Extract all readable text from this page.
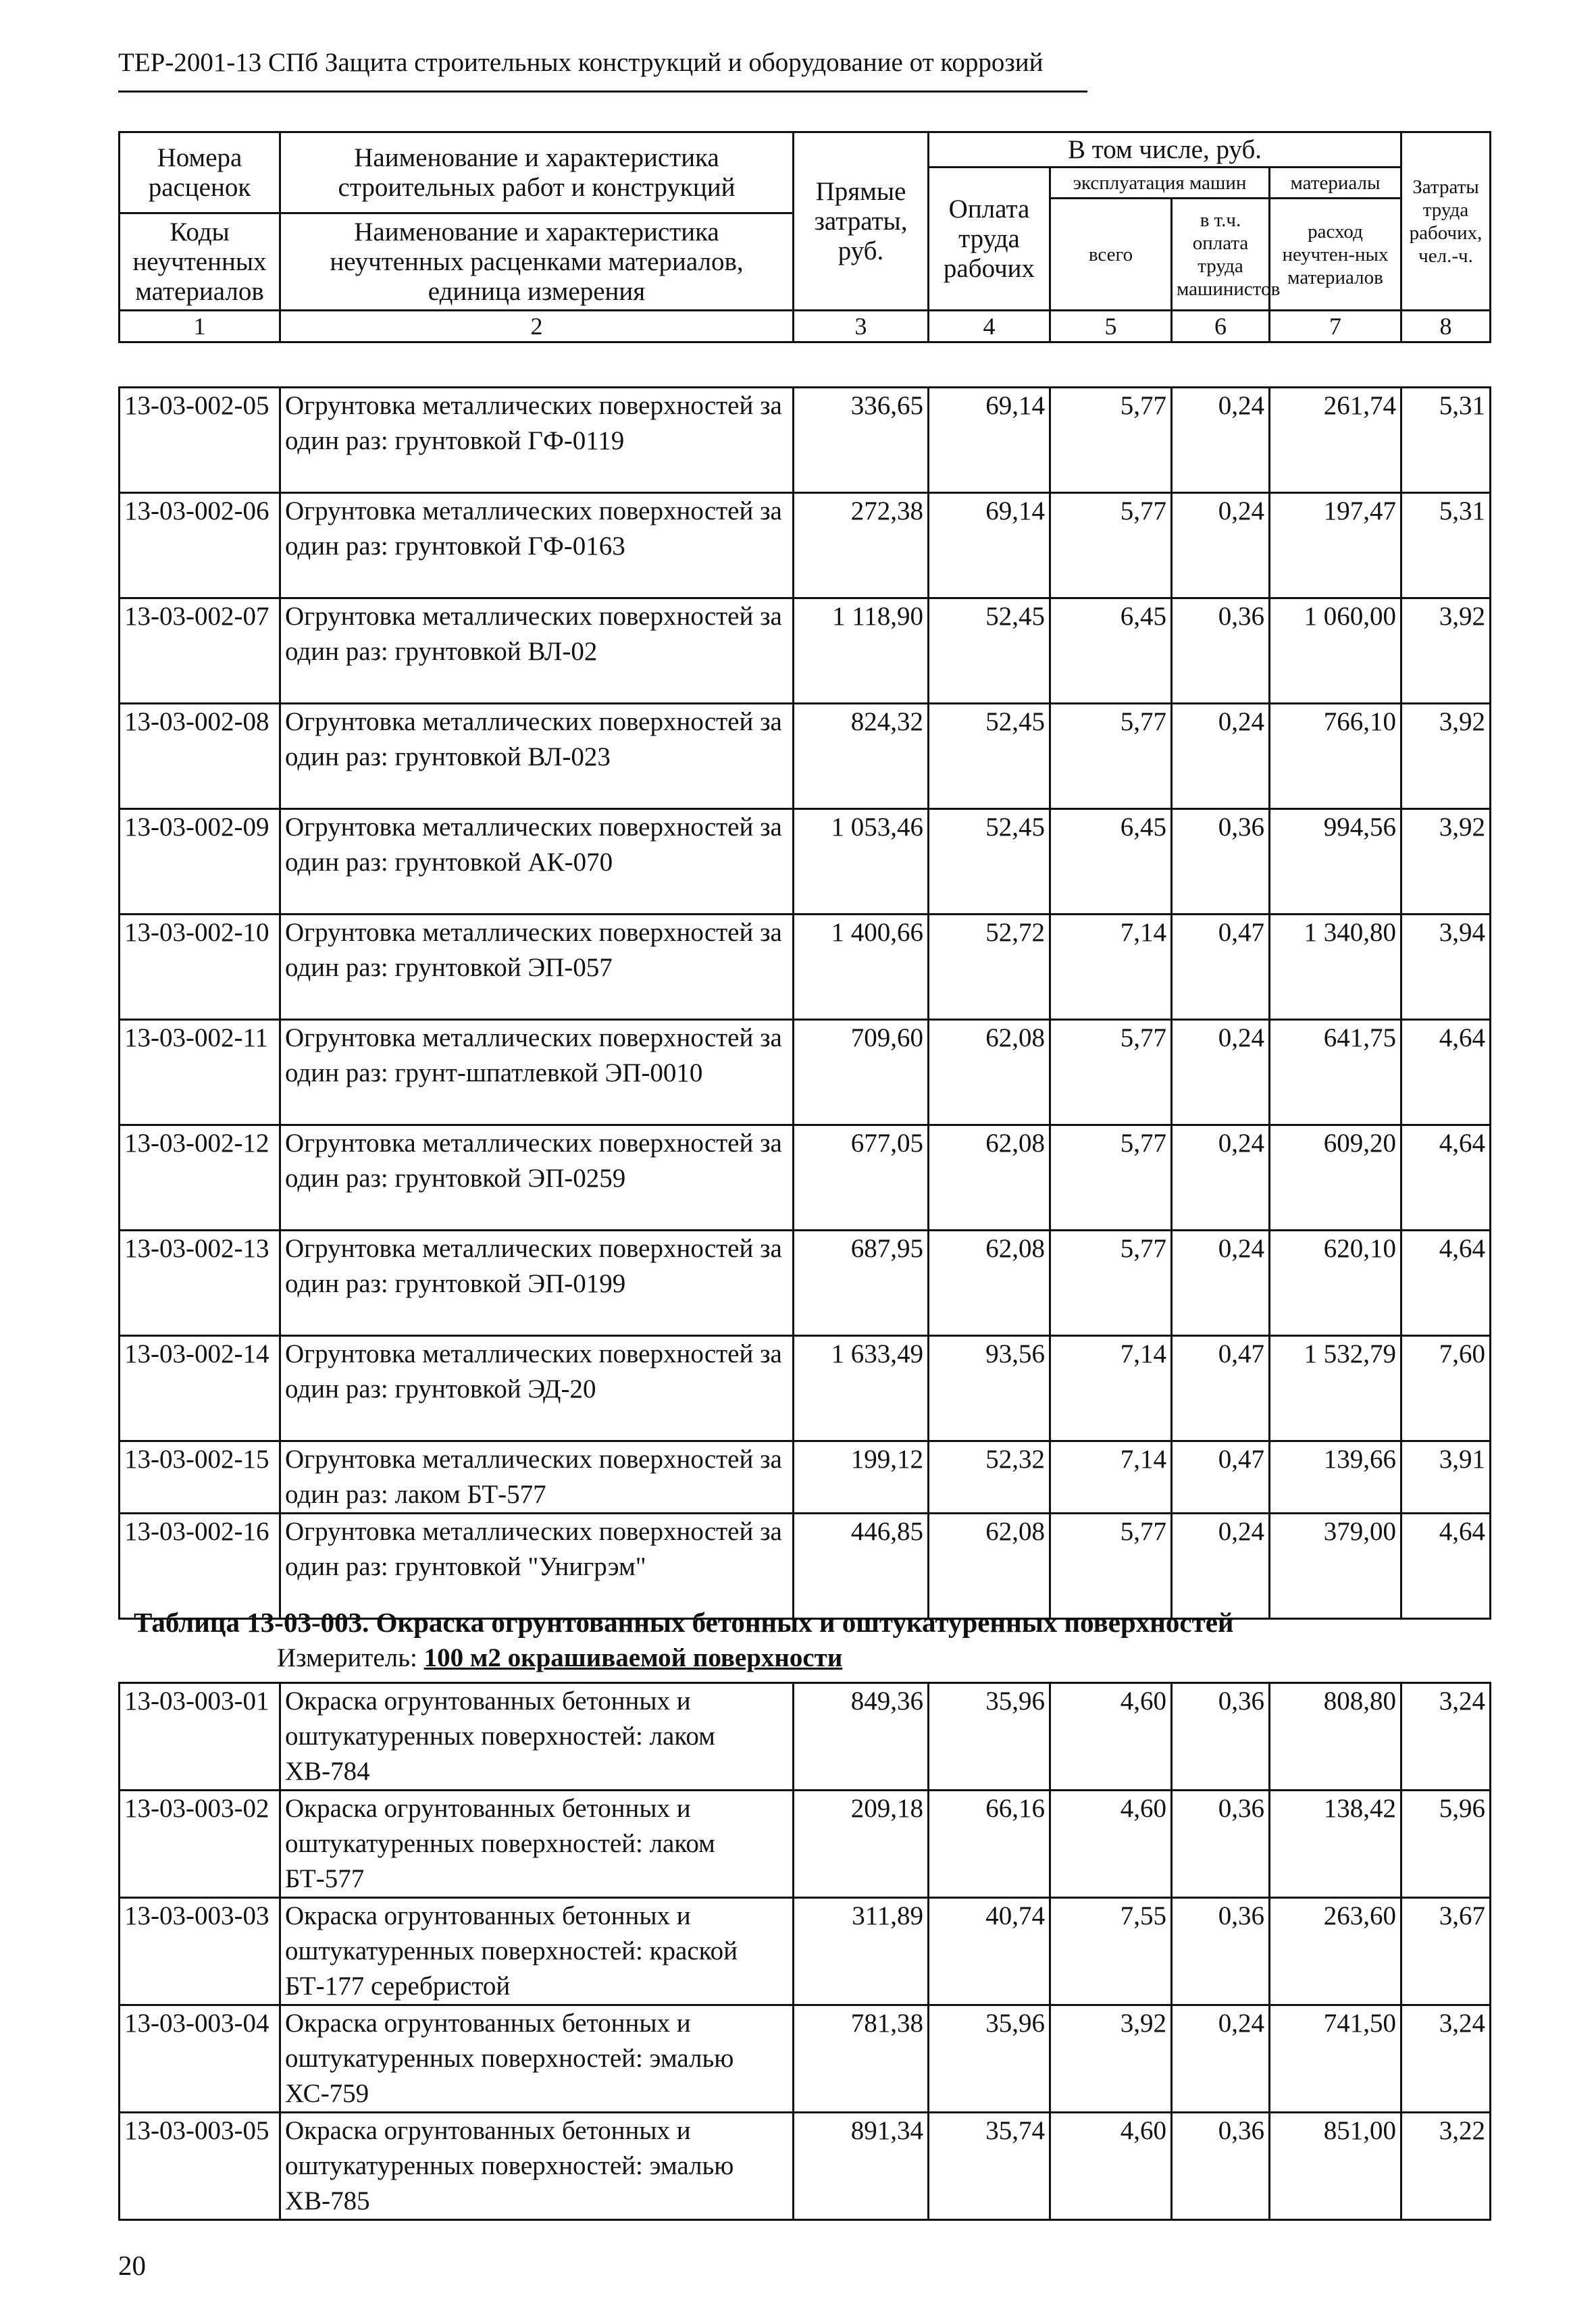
ТЕР-2001-13 СПб Защита строительных конструкций и оборудование от коррозий
Номера расценок	Наименование и характеристика строительных работ и конструкций	Прямые затраты, руб.	В том числе, руб.				Затраты труда рабочих, чел.-ч.
			Оплата труда рабочих	эксплуатация машин		материалы	
				всего	в т.ч. оплата труда машинистов	расход неучтен-ных материалов	
Коды неучтенных материалов	Наименование и характеристика неучтенных расценками материалов, единица измерения						

1	2	3	4	5	6	7	8
13-03-002-05	Огрунтовка металлических поверхностей за один раз: грунтовкой ГФ-0119	336,65	69,14	5,77	0,24	261,74	5,31
13-03-002-06	Огрунтовка металлических поверхностей за один раз: грунтовкой ГФ-0163	272,38	69,14	5,77	0,24	197,47	5,31
13-03-002-07	Огрунтовка металлических поверхностей за один раз: грунтовкой ВЛ-02	1 118,90	52,45	6,45	0,36	1 060,00	3,92
13-03-002-08	Огрунтовка металлических поверхностей за один раз: грунтовкой ВЛ-023	824,32	52,45	5,77	0,24	766,10	3,92
13-03-002-09	Огрунтовка металлических поверхностей за один раз: грунтовкой АК-070	1 053,46	52,45	6,45	0,36	994,56	3,92
13-03-002-10	Огрунтовка металлических поверхностей за один раз: грунтовкой ЭП-057	1 400,66	52,72	7,14	0,47	1 340,80	3,94
13-03-002-11	Огрунтовка металлических поверхностей за один раз: грунт-шпатлевкой ЭП-0010	709,60	62,08	5,77	0,24	641,75	4,64
13-03-002-12	Огрунтовка металлических поверхностей за один раз: грунтовкой ЭП-0259	677,05	62,08	5,77	0,24	609,20	4,64
13-03-002-13	Огрунтовка металлических поверхностей за один раз: грунтовкой ЭП-0199	687,95	62,08	5,77	0,24	620,10	4,64
13-03-002-14	Огрунтовка металлических поверхностей за один раз: грунтовкой ЭД-20	1 633,49	93,56	7,14	0,47	1 532,79	7,60
13-03-002-15	Огрунтовка металлических поверхностей за один раз: лаком БТ-577	199,12	52,32	7,14	0,47	139,66	3,91
13-03-002-16	Огрунтовка металлических поверхностей за один раз: грунтовкой "Унигрэм"	446,85	62,08	5,77	0,24	379,00	4,64
Таблица 13-03-003. Окраска огрунтованных бетонных и оштукатуренных поверхностей
Измеритель: 100 м2 окрашиваемой поверхности
13-03-003-01	Окраска огрунтованных бетонных и оштукатуренных поверхностей: лаком ХВ-784	849,36	35,96	4,60	0,36	808,80	3,24
13-03-003-02	Окраска огрунтованных бетонных и оштукатуренных поверхностей: лаком БТ-577	209,18	66,16	4,60	0,36	138,42	5,96
13-03-003-03	Окраска огрунтованных бетонных и оштукатуренных поверхностей: краской БТ-177 серебристой	311,89	40,74	7,55	0,36	263,60	3,67
13-03-003-04	Окраска огрунтованных бетонных и оштукатуренных поверхностей: эмалью ХС-759	781,38	35,96	3,92	0,24	741,50	3,24
13-03-003-05	Окраска огрунтованных бетонных и оштукатуренных поверхностей: эмалью ХВ-785	891,34	35,74	4,60	0,36	851,00	3,22
20
